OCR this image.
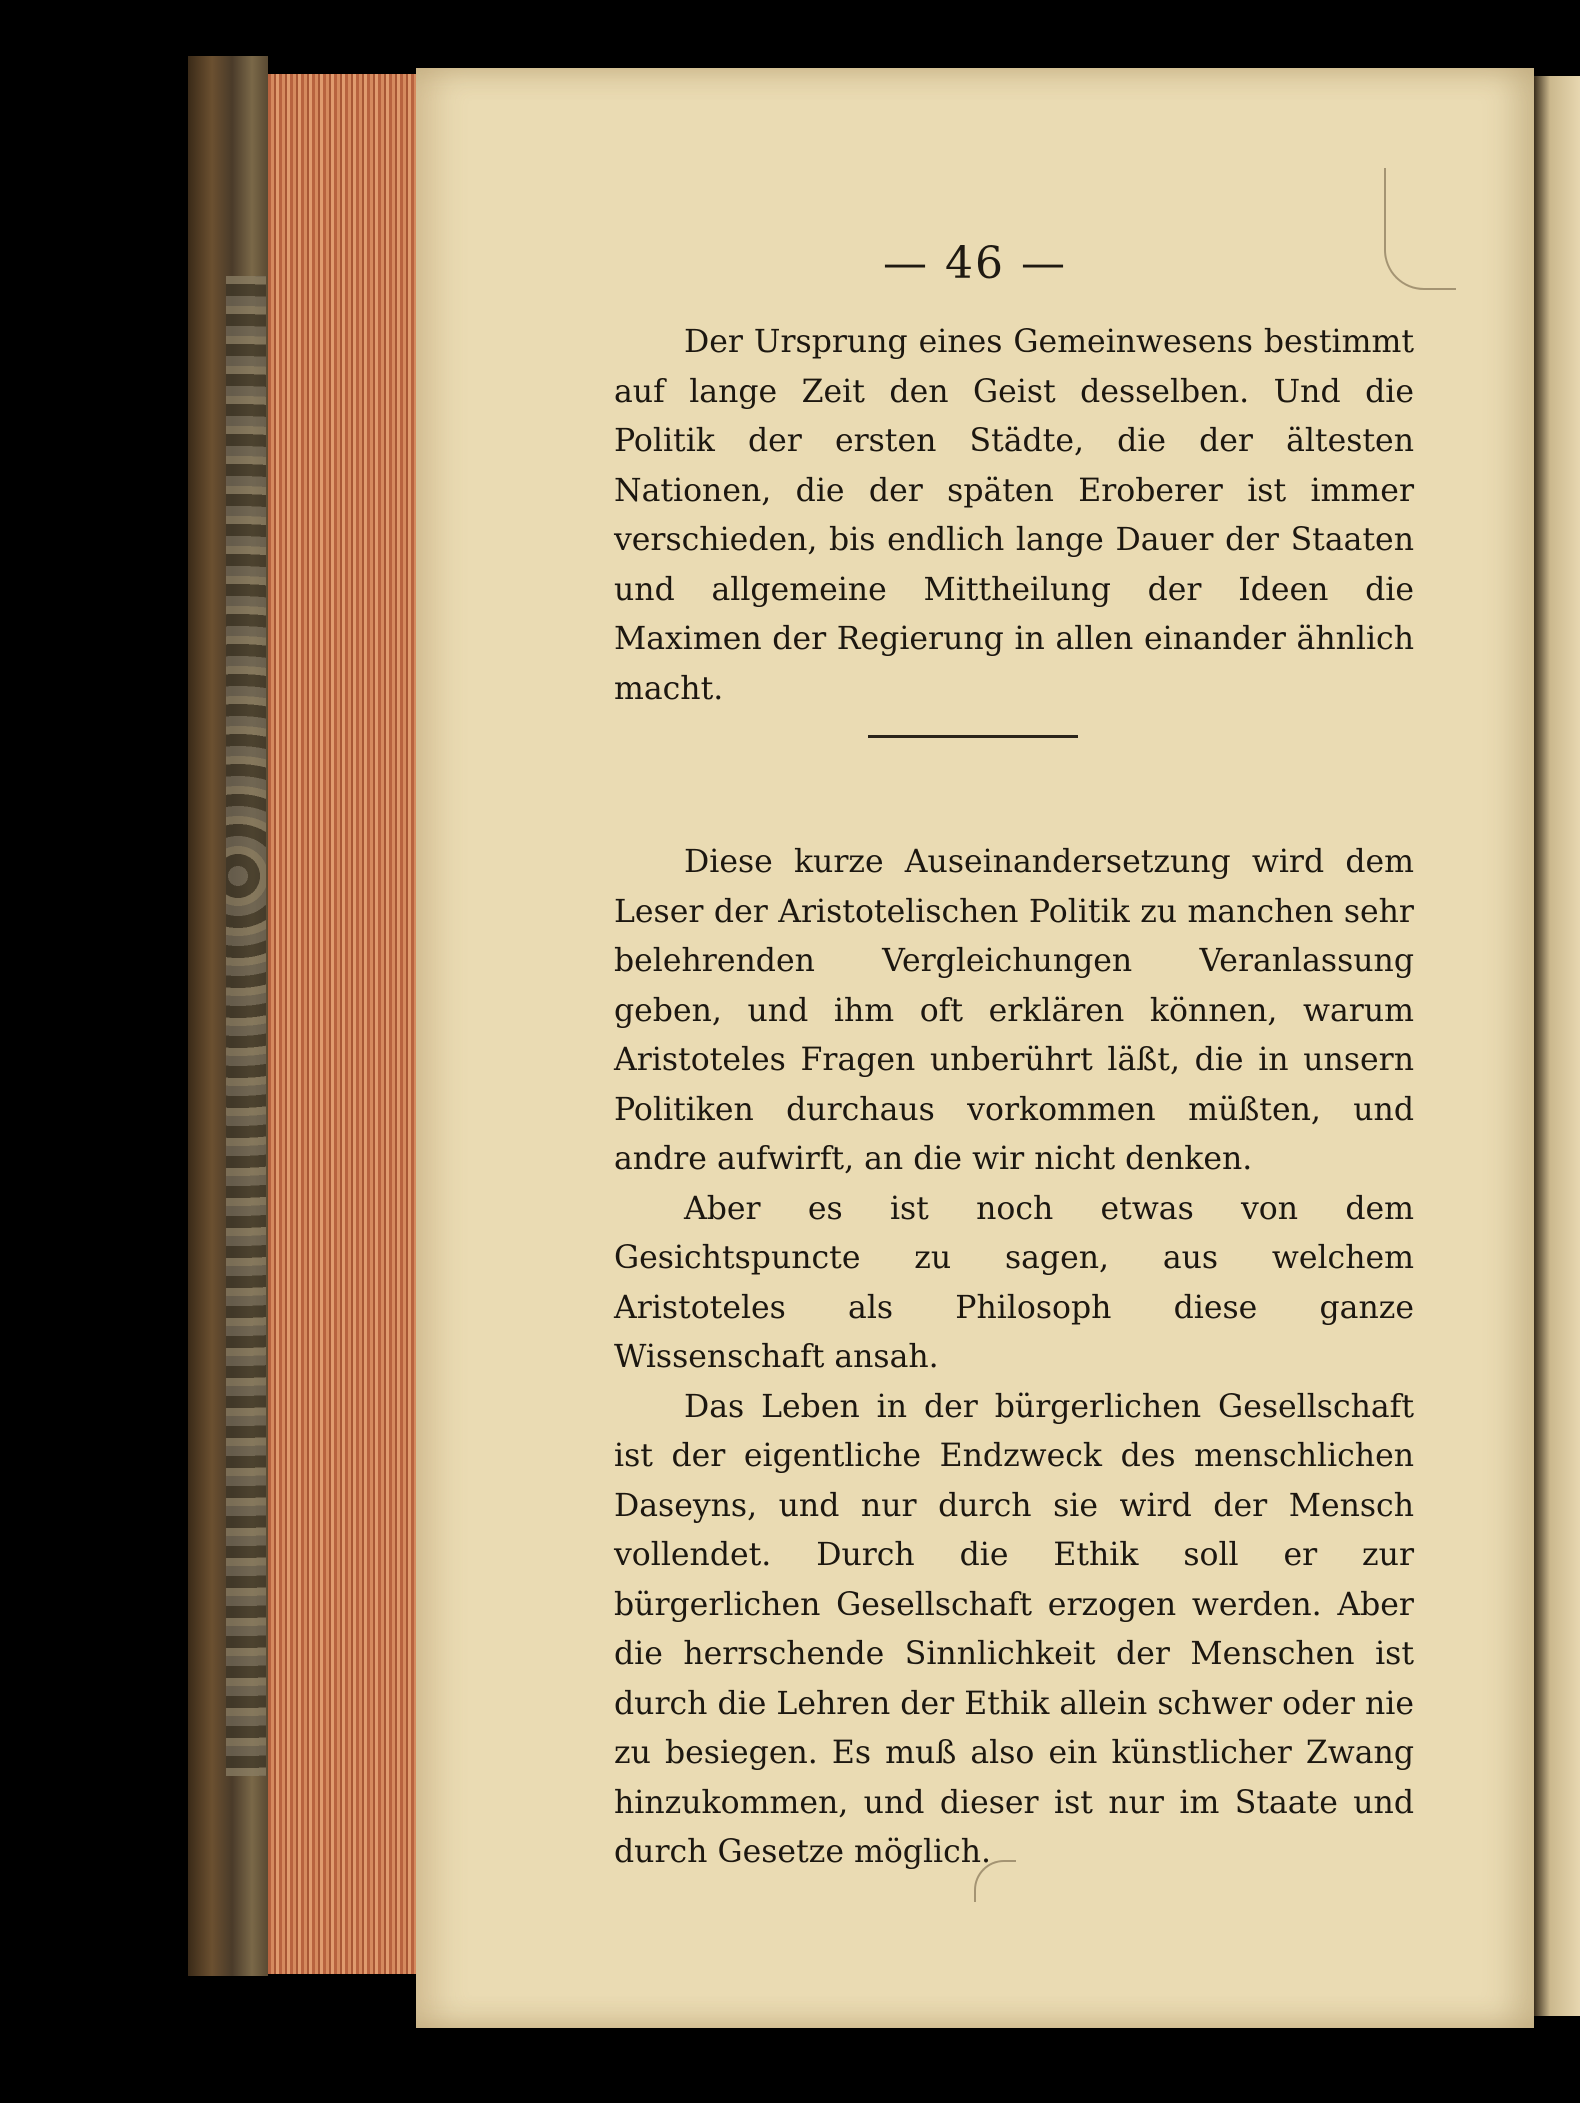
— 46 —

Der Ursprung eines Gemeinwesens bestimmt auf lange Zeit den Geist desselben. Und die Politik der ersten Städte, die der ältesten Nationen, die der späten Eroberer ist immer verschieden, bis endlich lange Dauer der Staaten und allgemeine Mittheilung der Ideen die Maximen der Regierung in allen einander ähnlich macht.

Diese kurze Auseinandersetzung wird dem Leser der Aristotelischen Politik zu manchen sehr belehrenden Vergleichungen Veranlassung geben, und ihm oft erklären können, warum Aristoteles Fragen unberührt läßt, die in unsern Politiken durchaus vorkommen müßten, und andre aufwirft, an die wir nicht denken.

Aber es ist noch etwas von dem Gesichtspuncte zu sagen, aus welchem Aristoteles als Philosoph diese ganze Wissenschaft ansah.

Das Leben in der bürgerlichen Gesellschaft ist der eigentliche Endzweck des menschlichen Daseyns, und nur durch sie wird der Mensch vollendet. Durch die Ethik soll er zur bürgerlichen Gesellschaft erzogen werden. Aber die herrschende Sinnlichkeit der Menschen ist durch die Lehren der Ethik allein schwer oder nie zu besiegen. Es muß also ein künstlicher Zwang hinzukommen, und dieser ist nur im Staate und durch Gesetze möglich.
